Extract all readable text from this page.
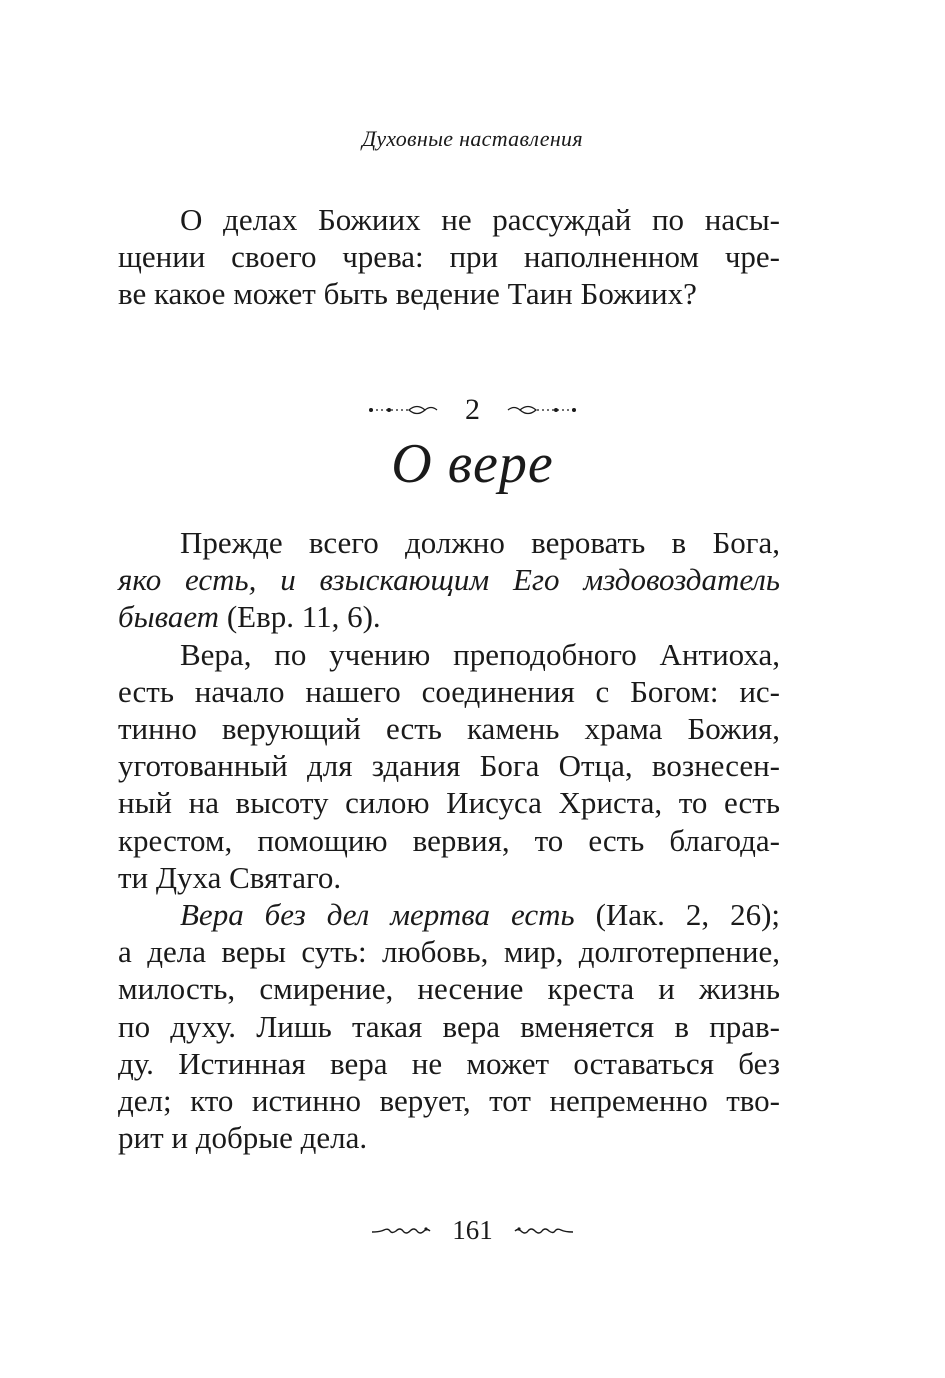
Духовные наставления
О делах Божиих не рассуждай по насы-
щении своего чрева: при наполненном чре-
ве какое может быть ведение Таин Божиих?
2
О вере
Прежде всего должно веровать в Бога,
яко есть, и взыскающим Его мздовоздатель
бывает (Евр. 11, 6).
Вера, по учению преподобного Антиоха,
есть начало нашего соединения с Богом: ис-
тинно верующий есть камень храма Божия,
уготованный для здания Бога Отца, вознесен-
ный на высоту силою Иисуса Христа, то есть
крестом, помощию вервия, то есть благода-
ти Духа Святаго.
Вера без дел мертва есть (Иак. 2, 26);
а дела веры суть: любовь, мир, долготерпение,
милость, смирение, несение креста и жизнь
по духу. Лишь такая вера вменяется в прав-
ду. Истинная вера не может оставаться без
дел; кто истинно верует, тот непременно тво-
рит и добрые дела.
161
